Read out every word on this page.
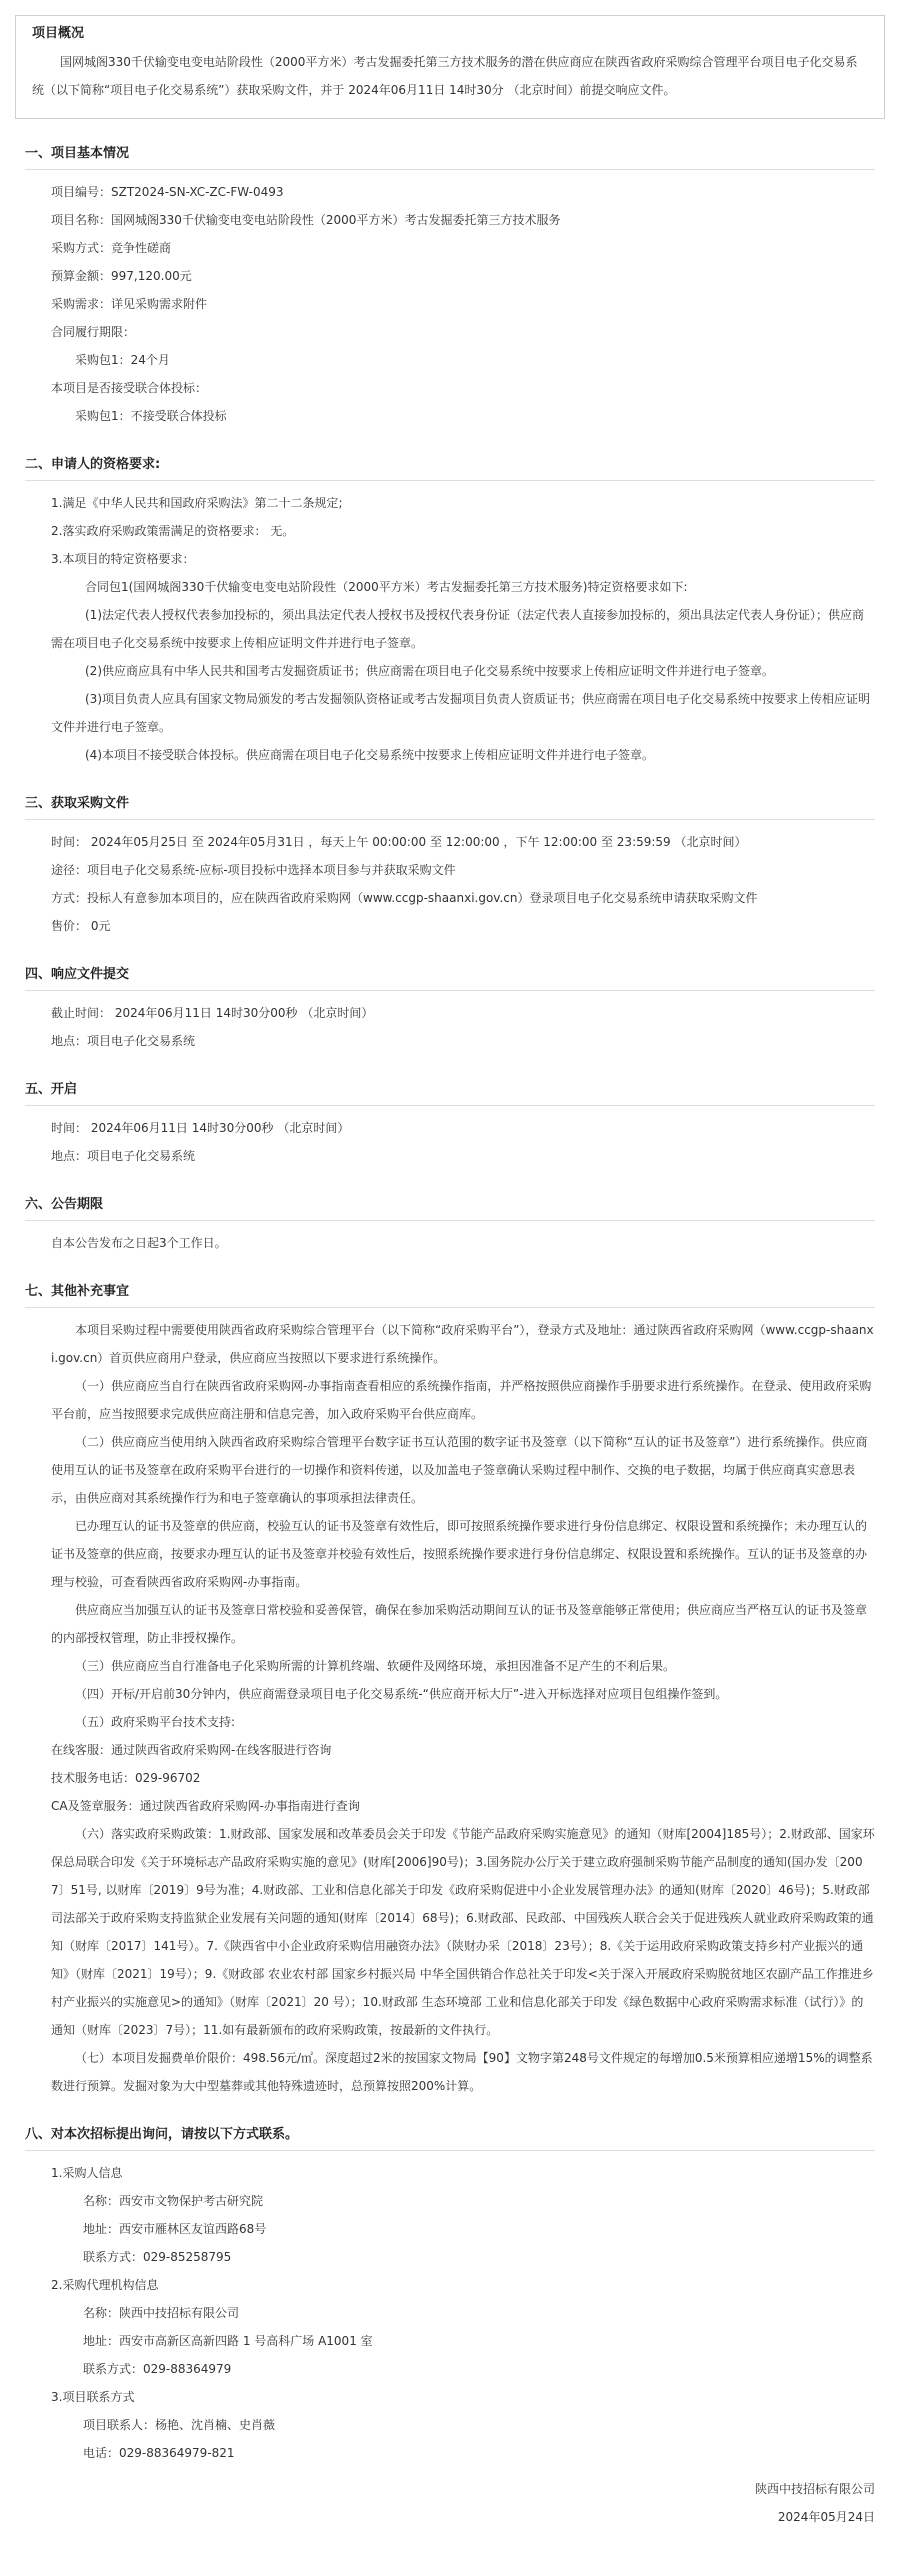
项目概况
国网城阁330千伏输变电变电站阶段性（2000平方米）考古发掘委托第三方技术服务的潜在供应商应在陕西省政府采购综合管理平台项目电子化交易系统（以下简称“项目电子化交易系统”）获取采购文件，并于 2024年06月11日 14时30分 （北京时间）前提交响应文件。
一、项目基本情况
项目编号：SZT2024-SN-XC-ZC-FW-0493
项目名称：国网城阁330千伏输变电变电站阶段性（2000平方米）考古发掘委托第三方技术服务
采购方式：竞争性磋商
预算金额：997,120.00元
采购需求：详见采购需求附件
合同履行期限：
采购包1：24个月
本项目是否接受联合体投标：
采购包1：不接受联合体投标
二、申请人的资格要求:
1.满足《中华人民共和国政府采购法》第二十二条规定;
2.落实政府采购政策需满足的资格要求： 无。
3.本项目的特定资格要求：
合同包1(国网城阁330千伏输变电变电站阶段性（2000平方米）考古发掘委托第三方技术服务)特定资格要求如下:
(1)法定代表人授权代表参加投标的，须出具法定代表人授权书及授权代表身份证（法定代表人直接参加投标的，须出具法定代表人身份证）；供应商需在项目电子化交易系统中按要求上传相应证明文件并进行电子签章。
(2)供应商应具有中华人民共和国考古发掘资质证书；供应商需在项目电子化交易系统中按要求上传相应证明文件并进行电子签章。
(3)项目负责人应具有国家文物局颁发的考古发掘领队资格证或考古发掘项目负责人资质证书；供应商需在项目电子化交易系统中按要求上传相应证明文件并进行电子签章。
(4)本项目不接受联合体投标。供应商需在项目电子化交易系统中按要求上传相应证明文件并进行电子签章。
三、获取采购文件
时间： 2024年05月25日 至 2024年05月31日 ，每天上午 00:00:00 至 12:00:00 ，下午 12:00:00 至 23:59:59 （北京时间）
途径：项目电子化交易系统-应标-项目投标中选择本项目参与并获取采购文件
方式：投标人有意参加本项目的，应在陕西省政府采购网（www.ccgp-shaanxi.gov.cn）登录项目电子化交易系统申请获取采购文件
售价： 0元
四、响应文件提交
截止时间： 2024年06月11日 14时30分00秒 （北京时间）
地点：项目电子化交易系统
五、开启
时间： 2024年06月11日 14时30分00秒 （北京时间）
地点：项目电子化交易系统
六、公告期限
自本公告发布之日起3个工作日。
七、其他补充事宜
本项目采购过程中需要使用陕西省政府采购综合管理平台（以下简称“政府采购平台”），登录方式及地址：通过陕西省政府采购网（www.ccgp-shaanxi.gov.cn）首页供应商用户登录，供应商应当按照以下要求进行系统操作。
（一）供应商应当自行在陕西省政府采购网-办事指南查看相应的系统操作指南，并严格按照供应商操作手册要求进行系统操作。在登录、使用政府采购平台前，应当按照要求完成供应商注册和信息完善，加入政府采购平台供应商库。
（二）供应商应当使用纳入陕西省政府采购综合管理平台数字证书互认范围的数字证书及签章（以下简称“互认的证书及签章”）进行系统操作。供应商使用互认的证书及签章在政府采购平台进行的一切操作和资料传递，以及加盖电子签章确认采购过程中制作、交换的电子数据，均属于供应商真实意思表示，由供应商对其系统操作行为和电子签章确认的事项承担法律责任。
已办理互认的证书及签章的供应商，校验互认的证书及签章有效性后，即可按照系统操作要求进行身份信息绑定、权限设置和系统操作；未办理互认的证书及签章的供应商，按要求办理互认的证书及签章并校验有效性后，按照系统操作要求进行身份信息绑定、权限设置和系统操作。互认的证书及签章的办理与校验，可查看陕西省政府采购网-办事指南。
供应商应当加强互认的证书及签章日常校验和妥善保管，确保在参加采购活动期间互认的证书及签章能够正常使用；供应商应当严格互认的证书及签章的内部授权管理，防止非授权操作。
（三）供应商应当自行准备电子化采购所需的计算机终端、软硬件及网络环境，承担因准备不足产生的不利后果。
（四）开标/开启前30分钟内，供应商需登录项目电子化交易系统-“供应商开标大厅”-进入开标选择对应项目包组操作签到。
（五）政府采购平台技术支持:
在线客服：通过陕西省政府采购网-在线客服进行咨询
技术服务电话：029-96702
CA及签章服务：通过陕西省政府采购网-办事指南进行查询
（六）落实政府采购政策：1.财政部、国家发展和改革委员会关于印发《节能产品政府采购实施意见》的通知（财库[2004]185号）；2.财政部、国家环保总局联合印发《关于环境标志产品政府采购实施的意见》(财库[2006]90号)；3.国务院办公厅关于建立政府强制采购节能产品制度的通知(国办发〔2007〕51号, 以财库〔2019〕9号为准；4.财政部、工业和信息化部关于印发《政府采购促进中小企业发展管理办法》的通知(财库〔2020〕46号)；5.财政部 司法部关于政府采购支持监狱企业发展有关问题的通知(财库〔2014〕68号)；6.财政部、民政部、中国残疾人联合会关于促进残疾人就业政府采购政策的通知（财库〔2017〕141号）。7.《陕西省中小企业政府采购信用融资办法》（陕财办采〔2018〕23号）；8.《关于运用政府采购政策支持乡村产业振兴的通知》（财库〔2021〕19号）；9.《财政部 农业农村部 国家乡村振兴局 中华全国供销合作总社关于印发<关于深入开展政府采购脱贫地区农副产品工作推进乡村产业振兴的实施意见>的通知》（财库〔2021〕20 号）；10.财政部 生态环境部 工业和信息化部关于印发《绿色数据中心政府采购需求标准（试行）》的通知（财库〔2023〕7号）；11.如有最新颁布的政府采购政策，按最新的文件执行。
（七）本项目发掘费单价限价：498.56元/㎡。深度超过2米的按国家文物局【90】文物字第248号文件规定的每增加0.5米预算相应递增15%的调整系数进行预算。发掘对象为大中型墓葬或其他特殊遗迹时，总预算按照200%计算。
八、对本次招标提出询问，请按以下方式联系。
1.采购人信息
名称：西安市文物保护考古研究院
地址：西安市雁林区友谊西路68号
联系方式：029-85258795
2.采购代理机构信息
名称：陕西中技招标有限公司
地址：西安市高新区高新四路 1 号高科广场 A1001 室
联系方式：029-88364979
3.项目联系方式
项目联系人：杨艳、沈肖楠、史肖薇
电话：029-88364979-821
陕西中技招标有限公司
2024年05月24日
